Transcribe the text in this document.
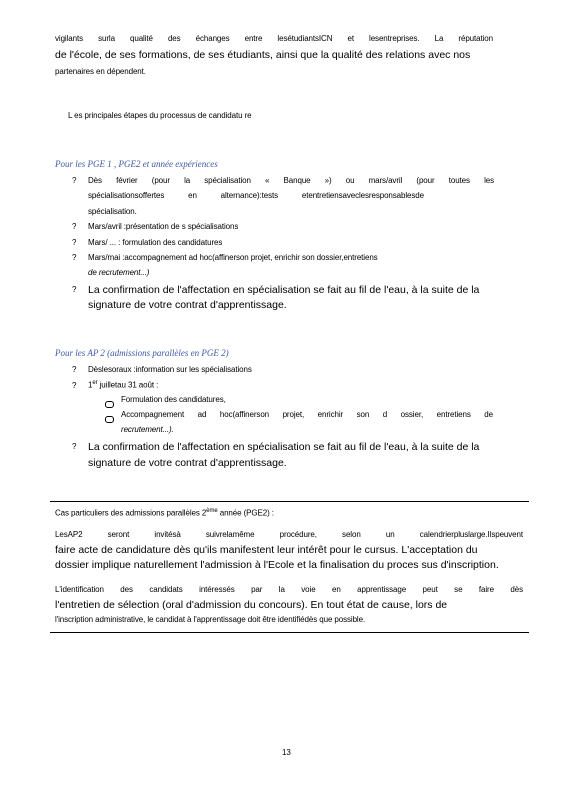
vigilants surla qualité des échanges entre lesétudiantsICN et lesentreprises. La réputation
de l'école, de ses formations, de ses étudiants, ainsi que la qualité des relations avec nos
partenaires en dépendent.
L es principales étapes du processus de candidatu re
Pour les PGE 1 , PGE2 et année expériences
? Dès février (pour la spécialisation « Banque ») ou mars/avril (pour toutes les
spécialisationsoffertes en alternance):tests etentretiensaveclesresponsablesde
spécialisation.
? Mars/avril :présentation de s spécialisations
? Mars/ ... : formulation des candidatures
? Mars/mai :accompagnement ad hoc(affinerson projet, enrichir son dossier,entretiens
de recrutement...)
? La confirmation de l'affectation en spécialisation se fait au fil de l'eau, à la suite de la
signature de votre contrat d'apprentissage.
Pour les AP 2 (admissions parallèles en PGE 2)
? Dèslesoraux :information sur les spécialisations
? 1er juilletau 31 août :
Formulation des candidatures,
Accompagnement ad hoc(affinerson projet, enrichir son d ossier, entretiens de
recrutement...).
? La confirmation de l'affectation en spécialisation se fait au fil de l'eau, à la suite de la
signature de votre contrat d'apprentissage.
Cas particuliers des admissions parallèles 2ème année (PGE2) :
LesAP2 seront invitésà suivrelamême procédure, selon un calendrierpluslarge.Ilspeuvent
faire acte de candidature dès qu'ils manifestent leur intérêt pour le cursus. L'acceptation du
dossier implique naturellement l'admission à l'Ecole et la finalisation du proces sus d'inscription.
L'identification des candidats intéressés par la voie en apprentissage peut se faire dès
l'entretien de sélection (oral d'admission du concours). En tout état de cause, lors de
l'inscription administrative, le candidat à l'apprentissage doit être identifiédès que possible.
13
